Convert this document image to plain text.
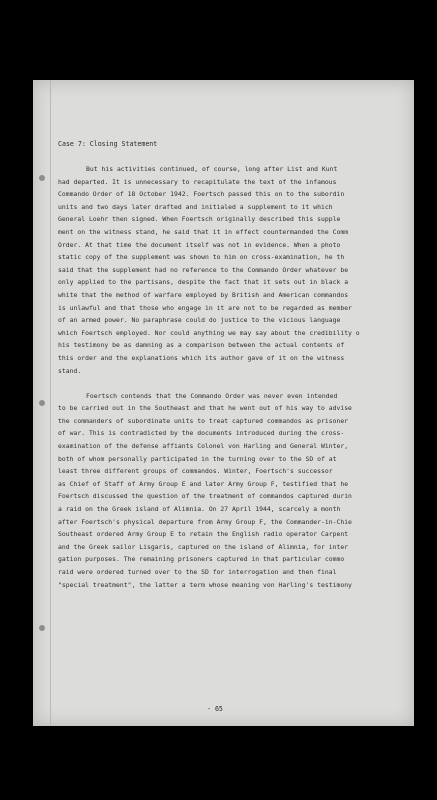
Case 7: Closing Statement
But his activities continued, of course, long after List and Kunt
had departed. It is unnecessary to recapitulate the text of the infamous
Commando Order of 18 October 1942. Foertsch passed this on to the subordin
units and two days later drafted and initialed a supplement to it which
General Loehr then signed. When Foertsch originally described this supple
ment on the witness stand, he said that it in effect countermanded the Comm
Order. At that time the document itself was not in evidence. When a photo
static copy of the supplement was shown to him on cross-examination, he th
said that the supplement had no reference to the Commando Order whatever be
only applied to the partisans, despite the fact that it sets out in black a
white that the method of warfare employed by British and American commandos
is unlawful and that those who engage in it are not to be regarded as member
of an armed power. No paraphrase could do justice to the vicious language
which Foertsch employed. Nor could anything we may say about the credibility o
his testimony be as damning as a comparison between the actual contents of
this order and the explanations which its author gave of it on the witness
stand.
Foertsch contends that the Commando Order was never even intended
to be carried out in the Southeast and that he went out of his way to advise
the commanders of subordinate units to treat captured commandos as prisoner
of war. This is contradicted by the documents introduced during the cross-
examination of the defense affiants Colonel von Harling and General Winter,
both of whom personally participated in the turning over to the SD of at
least three different groups of commandos. Winter, Foertsch's successor
as Chief of Staff of Army Group E and later Army Group F, testified that he
Foertsch discussed the question of the treatment of commandos captured durin
a raid on the Greek island of Alimnia. On 27 April 1944, scarcely a month
after Foertsch's physical departure from Army Group F, the Commander-in-Chie
Southeast ordered Army Group E to retain the English radio operator Carpent
and the Greek sailor Lisgaris, captured on the island of Alimnia, for inter
gation purposes. The remaining prisoners captured in that particular commo
raid were ordered turned over to the SD for interrogation and then final
"special treatment", the latter a term whose meaning von Harling's testimony
- 65
